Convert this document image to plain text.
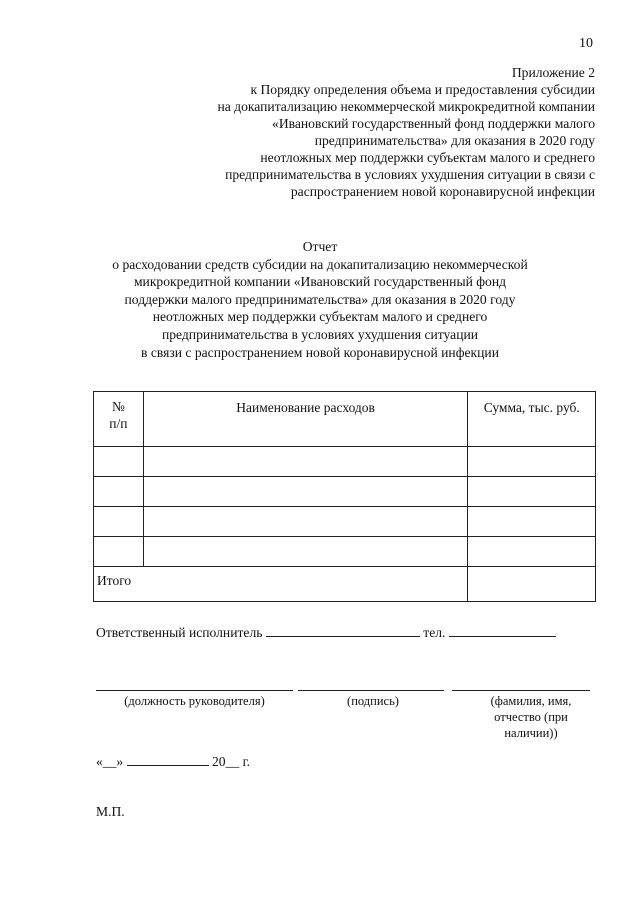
10
Приложение 2
к Порядку определения объема и предоставления субсидии
на докапитализацию некоммерческой микрокредитной компании
«Ивановский государственный фонд поддержки малого
предпринимательства» для оказания в 2020 году
неотложных мер поддержки субъектам малого и среднего
предпринимательства в условиях ухудшения ситуации в связи с
распространением новой коронавирусной инфекции
Отчет
о расходовании средств субсидии на докапитализацию некоммерческой
микрокредитной компании «Ивановский государственный фонд
поддержки малого предпринимательства» для оказания в 2020 году
неотложных мер поддержки субъектам малого и среднего
предпринимательства в условиях ухудшения ситуации
в связи с распространением новой коронавирусной инфекции
№
п/п	Наименование расходов	Сумма, тыс. руб.

Итого		
Ответственный исполнитель	тел.
(должность руководителя)	(подпись)	(фамилия, имя,
отчество (при
наличии))
«__»	20__ г.
М.П.
